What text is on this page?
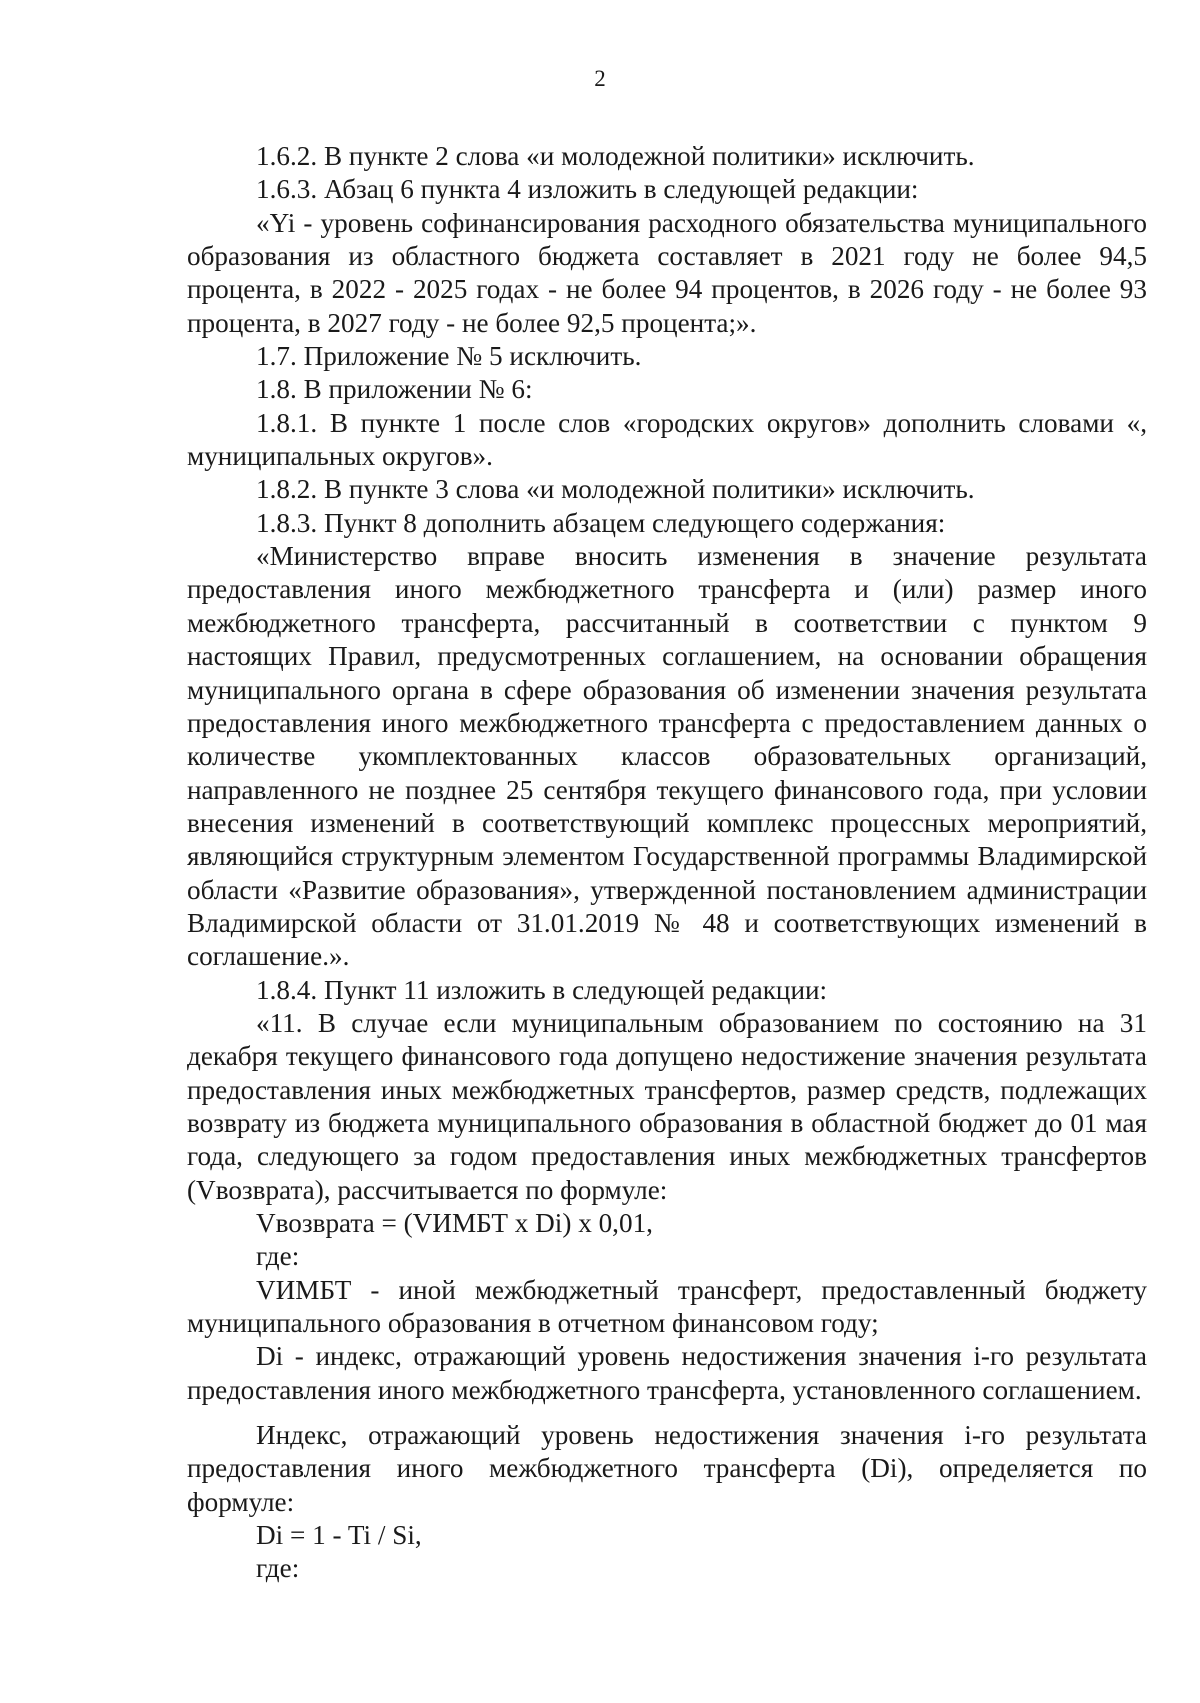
2

1.6.2. В пункте 2 слова «и молодежной политики» исключить.

1.6.3. Абзац 6 пункта 4 изложить в следующей редакции:

«Yi - уровень софинансирования расходного обязательства муниципального образования из областного бюджета составляет в 2021 году не более 94,5 процента, в 2022 - 2025 годах - не более 94 процентов, в 2026 году - не более 93 процента, в 2027 году - не более 92,5 процента;».

1.7. Приложение № 5 исключить.

1.8. В приложении № 6:

1.8.1. В пункте 1 после слов «городских округов» дополнить словами «, муниципальных округов».

1.8.2. В пункте 3 слова «и молодежной политики» исключить.

1.8.3. Пункт 8 дополнить абзацем следующего содержания:

«Министерство вправе вносить изменения в значение результата предоставления иного межбюджетного трансферта и (или) размер иного межбюджетного трансферта, рассчитанный в соответствии с пунктом 9 настоящих Правил, предусмотренных соглашением, на основании обращения муниципального органа в сфере образования об изменении значения результата предоставления иного межбюджетного трансферта с предоставлением данных о количестве укомплектованных классов образовательных организаций, направленного не позднее 25 сентября текущего финансового года, при условии внесения изменений в соответствующий комплекс процессных мероприятий, являющийся структурным элементом Государственной программы Владимирской области «Развитие образования», утвержденной постановлением администрации Владимирской области от 31.01.2019 № 48 и соответствующих изменений в соглашение.».

1.8.4. Пункт 11 изложить в следующей редакции:

«11. В случае если муниципальным образованием по состоянию на 31 декабря текущего финансового года допущено недостижение значения результата предоставления иных межбюджетных трансфертов, размер средств, подлежащих возврату из бюджета муниципального образования в областной бюджет до 01 мая года, следующего за годом предоставления иных межбюджетных трансфертов (Vвозврата), рассчитывается по формуле:

Vвозврата = (VИМБТ x Di) x 0,01,

где:

VИМБТ - иной межбюджетный трансферт, предоставленный бюджету муниципального образования в отчетном финансовом году;

Di - индекс, отражающий уровень недостижения значения i-го результата предоставления иного межбюджетного трансферта, установленного соглашением.

Индекс, отражающий уровень недостижения значения i-го результата предоставления иного межбюджетного трансферта (Di), определяется по формуле:

Di = 1 - Ti / Si,

где:
